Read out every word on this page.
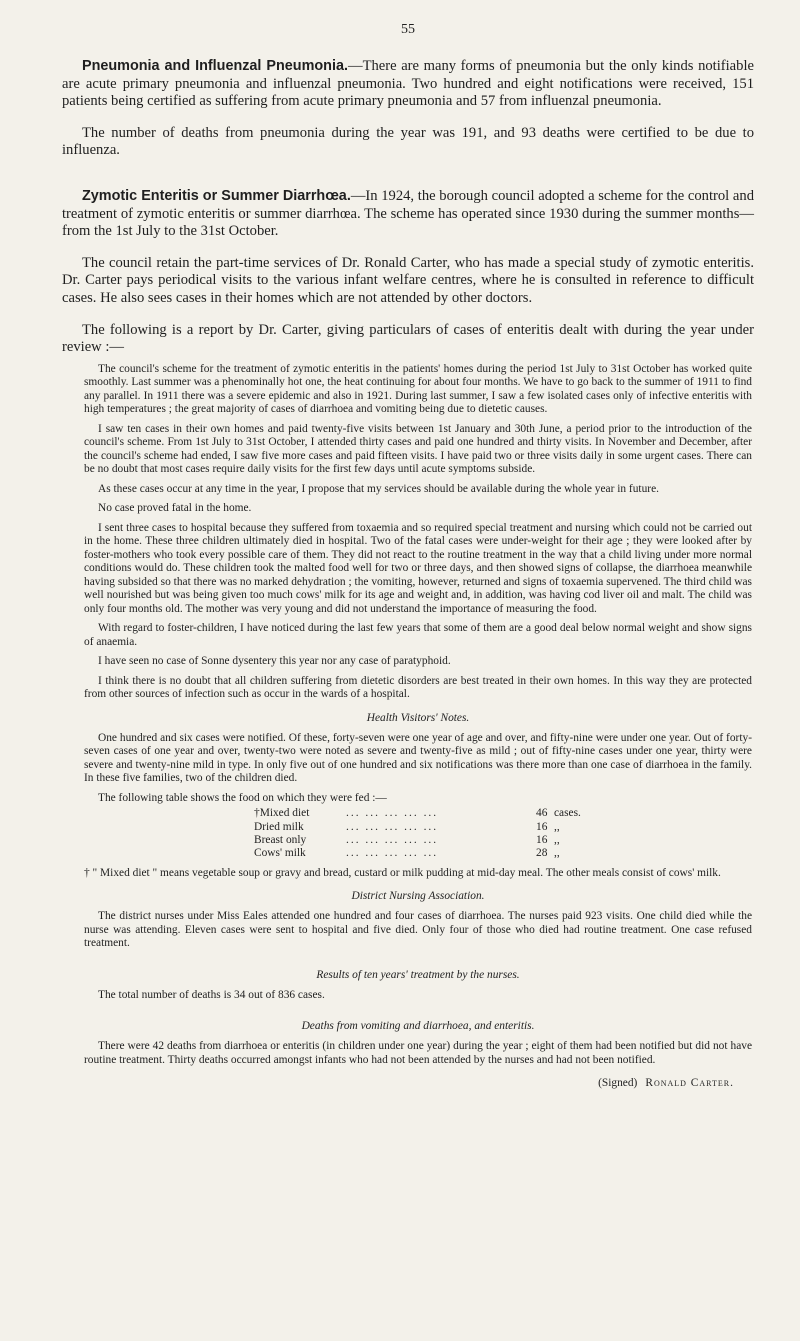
55

Pneumonia and Influenzal Pneumonia.—There are many forms of pneumonia but the only kinds notifiable are acute primary pneumonia and influenzal pneumonia. Two hundred and eight notifications were received, 151 patients being certified as suffering from acute primary pneumonia and 57 from influenzal pneumonia.

The number of deaths from pneumonia during the year was 191, and 93 deaths were certified to be due to influenza.

Zymotic Enteritis or Summer Diarrhœa.—In 1924, the borough council adopted a scheme for the control and treatment of zymotic enteritis or summer diarrhœa. The scheme has operated since 1930 during the summer months—from the 1st July to the 31st October.

The council retain the part-time services of Dr. Ronald Carter, who has made a special study of zymotic enteritis. Dr. Carter pays periodical visits to the various infant welfare centres, where he is consulted in reference to difficult cases. He also sees cases in their homes which are not attended by other doctors.

The following is a report by Dr. Carter, giving particulars of cases of enteritis dealt with during the year under review :—

The council's scheme for the treatment of zymotic enteritis in the patients' homes during the period 1st July to 31st October has worked quite smoothly. Last summer was a phenominally hot one, the heat continuing for about four months. We have to go back to the summer of 1911 to find any parallel. In 1911 there was a severe epidemic and also in 1921. During last summer, I saw a few isolated cases only of infective enteritis with high temperatures ; the great majority of cases of diarrhoea and vomiting being due to dietetic causes.

I saw ten cases in their own homes and paid twenty-five visits between 1st January and 30th June, a period prior to the introduction of the council's scheme. From 1st July to 31st October, I attended thirty cases and paid one hundred and thirty visits. In November and December, after the council's scheme had ended, I saw five more cases and paid fifteen visits. I have paid two or three visits daily in some urgent cases. There can be no doubt that most cases require daily visits for the first few days until acute symptoms subside.

As these cases occur at any time in the year, I propose that my services should be available during the whole year in future.

No case proved fatal in the home.

I sent three cases to hospital because they suffered from toxaemia and so required special treatment and nursing which could not be carried out in the home. These three children ultimately died in hospital. Two of the fatal cases were under-weight for their age ; they were looked after by foster-mothers who took every possible care of them. They did not react to the routine treatment in the way that a child living under more normal conditions would do. These children took the malted food well for two or three days, and then showed signs of collapse, the diarrhoea meanwhile having subsided so that there was no marked dehydration ; the vomiting, however, returned and signs of toxaemia supervened. The third child was well nourished but was being given too much cows' milk for its age and weight and, in addition, was having cod liver oil and malt. The child was only four months old. The mother was very young and did not understand the importance of measuring the food.

With regard to foster-children, I have noticed during the last few years that some of them are a good deal below normal weight and show signs of anaemia.

I have seen no case of Sonne dysentery this year nor any case of paratyphoid.

I think there is no doubt that all children suffering from dietetic disorders are best treated in their own homes. In this way they are protected from other sources of infection such as occur in the wards of a hospital.

Health Visitors' Notes.

One hundred and six cases were notified. Of these, forty-seven were one year of age and over, and fifty-nine were under one year. Out of forty-seven cases of one year and over, twenty-two were noted as severe and twenty-five as mild ; out of fifty-nine cases under one year, thirty were severe and twenty-nine mild in type. In only five out of one hundred and six notifications was there more than one case of diarrhoea in the family. In these five families, two of the children died.

The following table shows the food on which they were fed :—

†Mixed diet	... ... ... ... ...	46 cases.
Dried milk	... ... ... ... ...	16 ,,
Breast only	... ... ... ... ...	16 ,,
Cows' milk	... ... ... ... ...	28 ,,

† " Mixed diet " means vegetable soup or gravy and bread, custard or milk pudding at mid-day meal. The other meals consist of cows' milk.

District Nursing Association.

The district nurses under Miss Eales attended one hundred and four cases of diarrhoea. The nurses paid 923 visits. One child died while the nurse was attending. Eleven cases were sent to hospital and five died. Only four of those who died had routine treatment. One case refused treatment.

Results of ten years' treatment by the nurses.

The total number of deaths is 34 out of 836 cases.

Deaths from vomiting and diarrhoea, and enteritis.

There were 42 deaths from diarrhoea or enteritis (in children under one year) during the year ; eight of them had been notified but did not have routine treatment. Thirty deaths occurred amongst infants who had not been attended by the nurses and had not been notified.

(Signed) Ronald Carter.
